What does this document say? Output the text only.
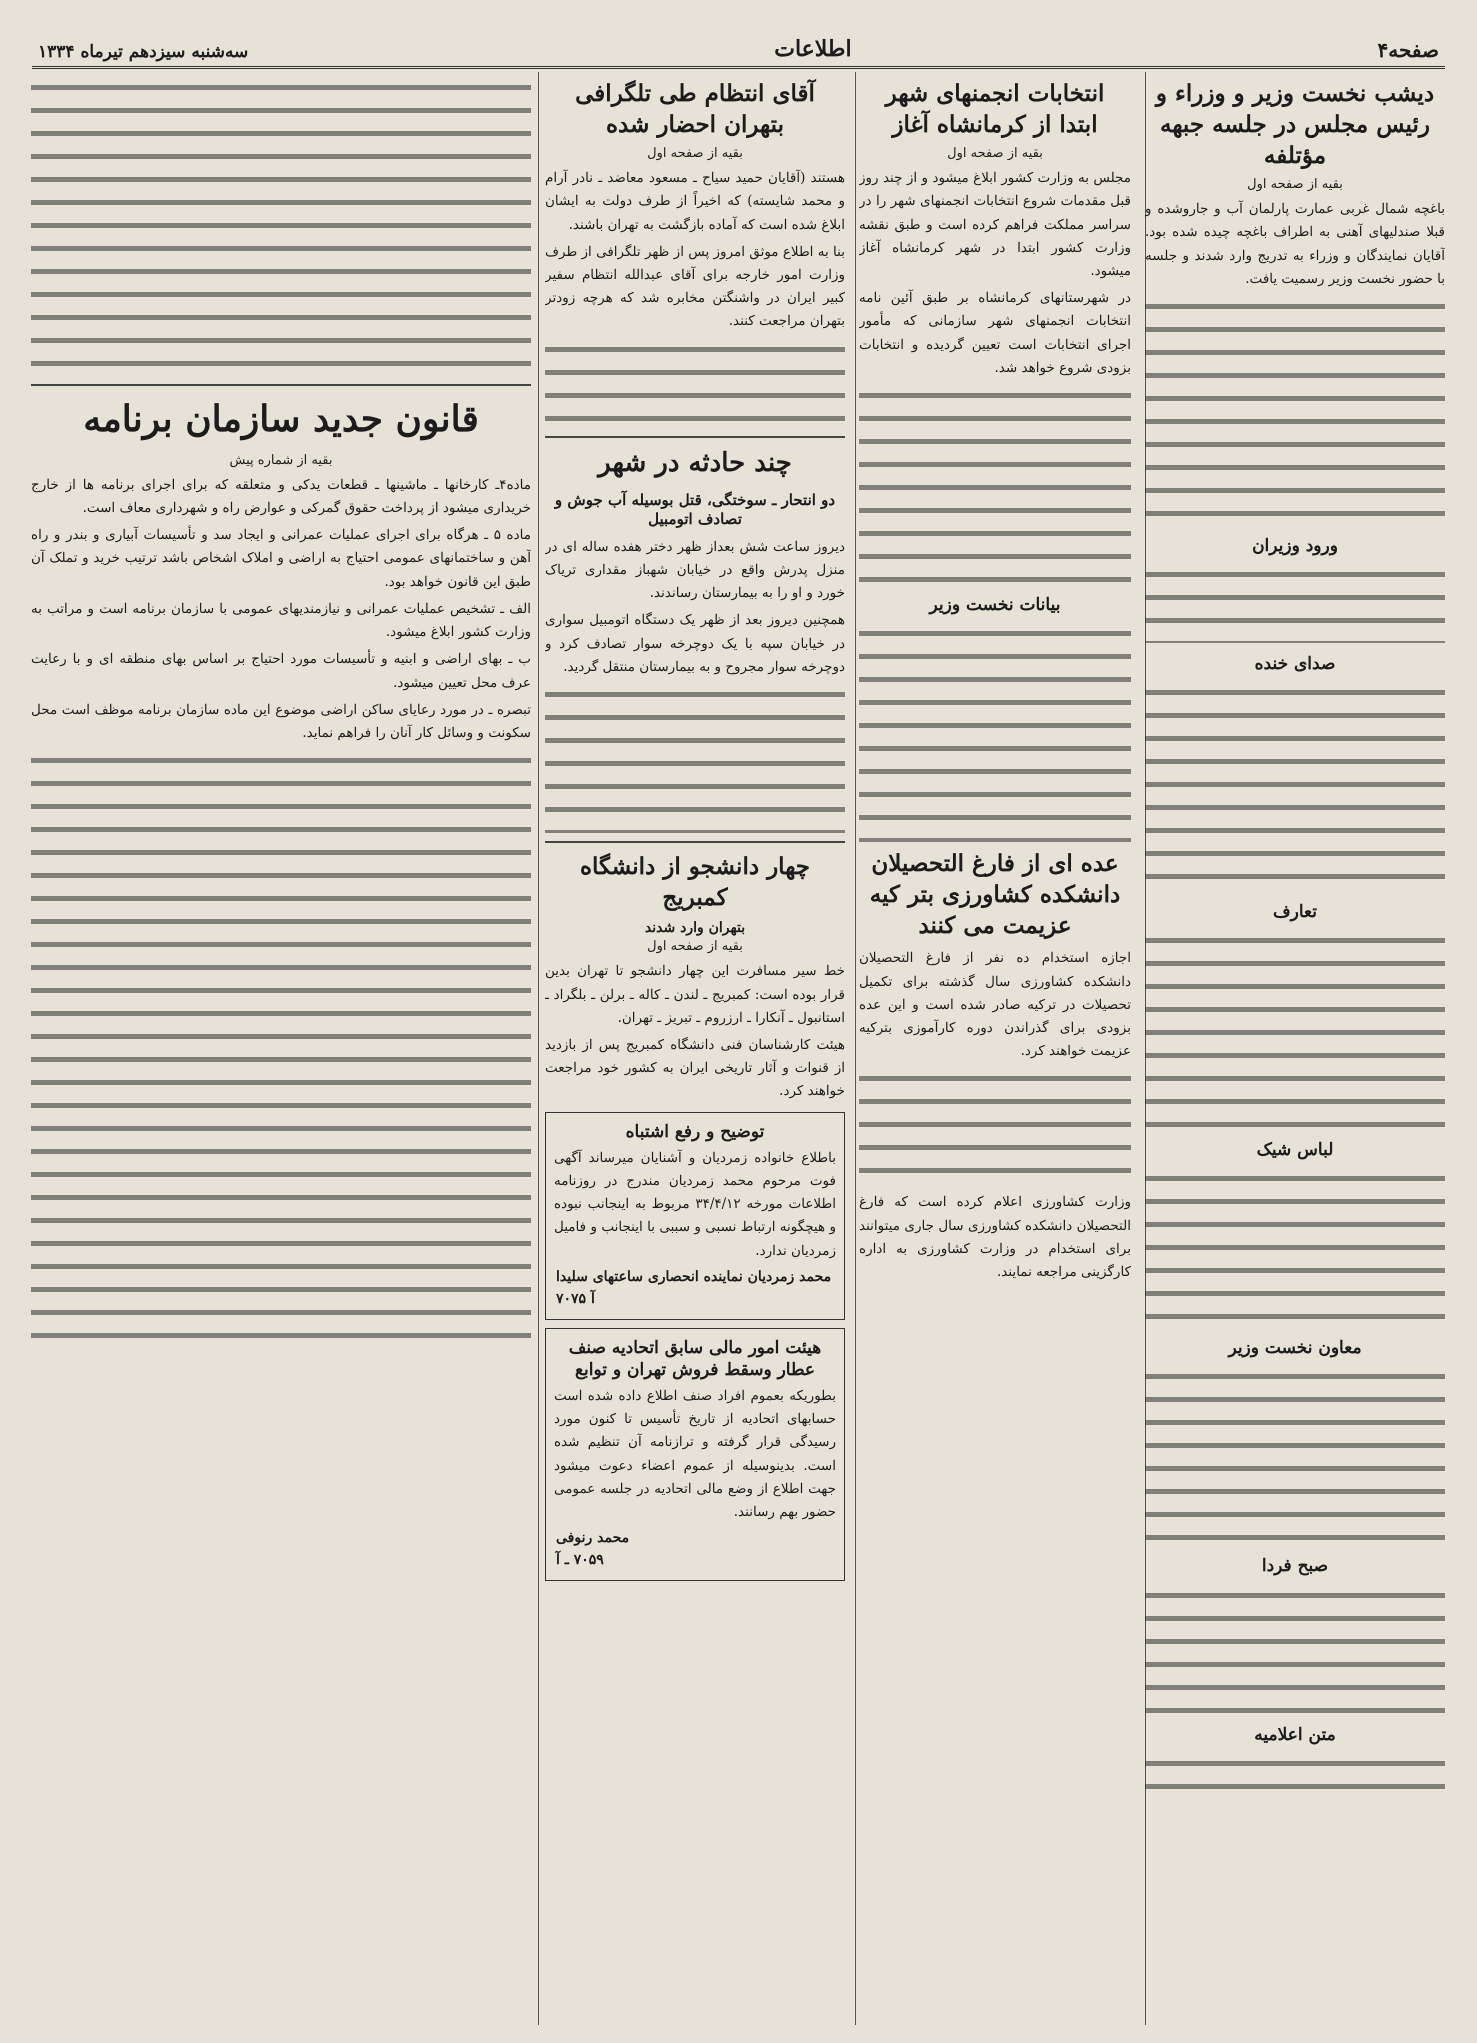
صفحه۴
اطلاعات
سه‌شنبه سیزدهم تیرماه ۱۳۳۴
دیشب نخست وزیر و وزراء و رئیس مجلس در جلسه جبهه مؤتلفه
بقیه از صفحه اول

باغچه شمال غربی عمارت پارلمان آب و جاروشده و قبلا صندلیهای آهنی به اطراف باغچه چیده شده بود. آقایان نمایندگان و وزراء به تدریج وارد شدند و جلسه با حضور نخست وزیر رسمیت یافت.

ورود وزیران
صدای خنده
تعارف
لباس شیک
معاون نخست وزیر
صبح فردا
متن اعلامیه
انتخابات انجمنهای شهر ابتدا از کرمانشاه آغاز
بقیه از صفحه اول

مجلس به وزارت کشور ابلاغ میشود و از چند روز قبل مقدمات شروع انتخابات انجمنهای شهر را در سراسر مملکت فراهم کرده است و طبق نقشه وزارت کشور ابتدا در شهر کرمانشاه آغاز میشود.

در شهرستانهای کرمانشاه بر طبق آئین نامه انتخابات انجمنهای شهر سازمانی که مأمور اجرای انتخابات است تعیین گردیده و انتخابات بزودی شروع خواهد شد.

بیانات نخست وزیر
عده ای از فارغ التحصیلان دانشکده کشاورزی بتر کیه عزیمت می کنند

اجازه استخدام ده نفر از فارغ التحصیلان دانشکده کشاورزی سال گذشته برای تکمیل تحصیلات در ترکیه صادر شده است و این عده بزودی برای گذراندن دوره کارآموزی بترکیه عزیمت خواهند کرد.

وزارت کشاورزی اعلام کرده است که فارغ التحصیلان دانشکده کشاورزی سال جاری میتوانند برای استخدام در وزارت کشاورزی به اداره کارگزینی مراجعه نمایند.

آقای انتظام طی تلگرافی بتهران احضار شده
بقیه از صفحه اول

هستند (آقایان حمید سیاح ـ مسعود معاضد ـ نادر آرام و محمد شایسته) که اخیراً از طرف دولت به ایشان ابلاغ شده است که آماده بازگشت به تهران باشند.

بنا به اطلاع موثق امروز پس از ظهر تلگرافی از طرف وزارت امور خارجه برای آقای عبدالله انتظام سفیر کبیر ایران در واشنگتن مخابره شد که هرچه زودتر بتهران مراجعت کنند.

چند حادثه در شهر
دو انتحار ـ سوختگی، قتل بوسیله آب جوش و تصادف اتومبیل

دیروز ساعت شش بعداز ظهر دختر هفده ساله ای در منزل پدرش واقع در خیابان شهباز مقداری تریاک خورد و او را به بیمارستان رساندند.

همچنین دیروز بعد از ظهر یک دستگاه اتومبیل سواری در خیابان سپه با یک دوچرخه سوار تصادف کرد و دوچرخه سوار مجروح و به بیمارستان منتقل گردید.

چهار دانشجو از دانشگاه کمبریج
بتهران وارد شدند
بقیه از صفحه اول

خط سیر مسافرت این چهار دانشجو تا تهران بدین قرار بوده است: کمبریج ـ لندن ـ کاله ـ برلن ـ بلگراد ـ استانبول ـ آنکارا ـ ارزروم ـ تبریز ـ تهران.

هیئت کارشناسان فنی دانشگاه کمبریج پس از بازدید از قنوات و آثار تاریخی ایران به کشور خود مراجعت خواهند کرد.

توضیح و رفع اشتباه

باطلاع خانواده زمردیان و آشنایان میرساند آگهی فوت مرحوم محمد زمردیان مندرج در روزنامه اطلاعات مورخه ۳۴/۴/۱۲ مربوط به اینجانب نبوده و هیچگونه ارتباط نسبی و سببی با اینجانب و فامیل زمردیان ندارد.

محمد زمردیان نماینده انحصاری ساعتهای سلیدا
آ ۷۰۷۵
هیئت امور مالی سابق اتحادیه صنف عطار وسقط فروش تهران و توابع

بطوریکه بعموم افراد صنف اطلاع داده شده است حسابهای اتحادیه از تاریخ تأسیس تا کنون مورد رسیدگی قرار گرفته و ترازنامه آن تنظیم شده است. بدینوسیله از عموم اعضاء دعوت میشود جهت اطلاع از وضع مالی اتحادیه در جلسه عمومی حضور بهم رسانند.

محمد رنوفی
۷۰۵۹ ـ آ
قانون جدید سازمان برنامه
بقیه از شماره پیش

ماده۴ـ کارخانها ـ ماشینها ـ قطعات یدکی و متعلقه که برای اجرای برنامه ها از خارج خریداری میشود از پرداخت حقوق گمرکی و عوارض راه و شهرداری معاف است.

ماده ۵ ـ هرگاه برای اجرای عملیات عمرانی و ایجاد سد و تأسیسات آبیاری و بندر و راه آهن و ساختمانهای عمومی احتیاج به اراضی و املاک اشخاص باشد ترتیب خرید و تملک آن طبق این قانون خواهد بود.

الف ـ تشخیص عملیات عمرانی و نیازمندیهای عمومی با سازمان برنامه است و مراتب به وزارت کشور ابلاغ میشود.

ب ـ بهای اراضی و ابنیه و تأسیسات مورد احتیاج بر اساس بهای منطقه ای و با رعایت عرف محل تعیین میشود.

تبصره ـ در مورد رعایای ساکن اراضی موضوع این ماده سازمان برنامه موظف است محل سکونت و وسائل کار آنان را فراهم نماید.
